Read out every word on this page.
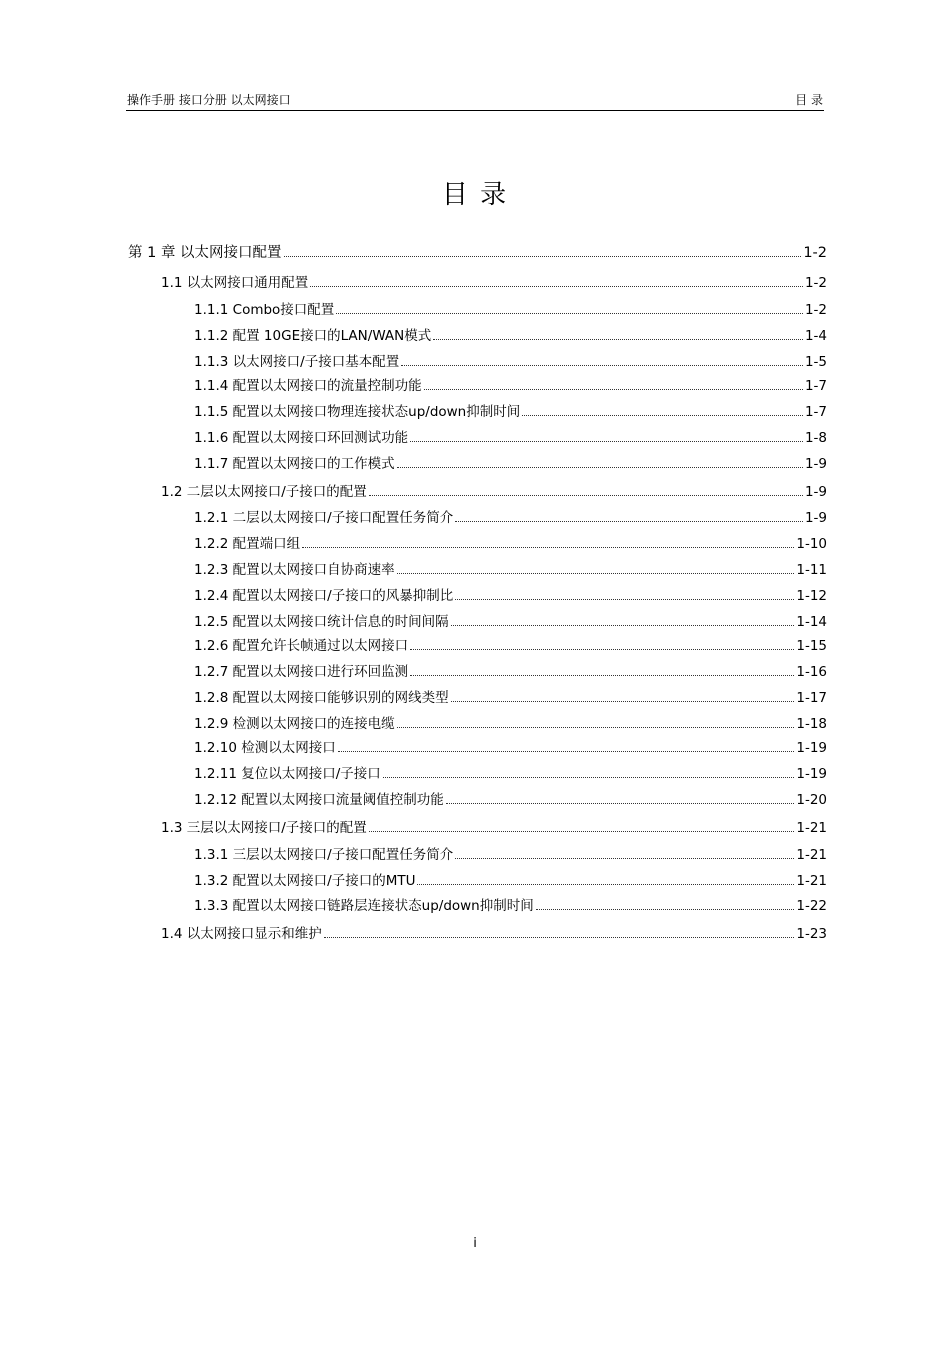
操作手册 接口分册 以太网接口	目 录
目 录
第 1 章 以太网接口配置	1-2
1.1 以太网接口通用配置	1-2
1.1.1 Combo接口配置	1-2
1.1.2 配置 10GE接口的LAN/WAN模式	1-4
1.1.3 以太网接口/子接口基本配置	1-5
1.1.4 配置以太网接口的流量控制功能	1-7
1.1.5 配置以太网接口物理连接状态up/down抑制时间	1-7
1.1.6 配置以太网接口环回测试功能	1-8
1.1.7 配置以太网接口的工作模式	1-9
1.2 二层以太网接口/子接口的配置	1-9
1.2.1 二层以太网接口/子接口配置任务简介	1-9
1.2.2 配置端口组	1-10
1.2.3 配置以太网接口自协商速率	1-11
1.2.4 配置以太网接口/子接口的风暴抑制比	1-12
1.2.5 配置以太网接口统计信息的时间间隔	1-14
1.2.6 配置允许长帧通过以太网接口	1-15
1.2.7 配置以太网接口进行环回监测	1-16
1.2.8 配置以太网接口能够识别的网线类型	1-17
1.2.9 检测以太网接口的连接电缆	1-18
1.2.10 检测以太网接口	1-19
1.2.11 复位以太网接口/子接口	1-19
1.2.12 配置以太网接口流量阈值控制功能	1-20
1.3 三层以太网接口/子接口的配置	1-21
1.3.1 三层以太网接口/子接口配置任务简介	1-21
1.3.2 配置以太网接口/子接口的MTU	1-21
1.3.3 配置以太网接口链路层连接状态up/down抑制时间	1-22
1.4 以太网接口显示和维护	1-23
i
